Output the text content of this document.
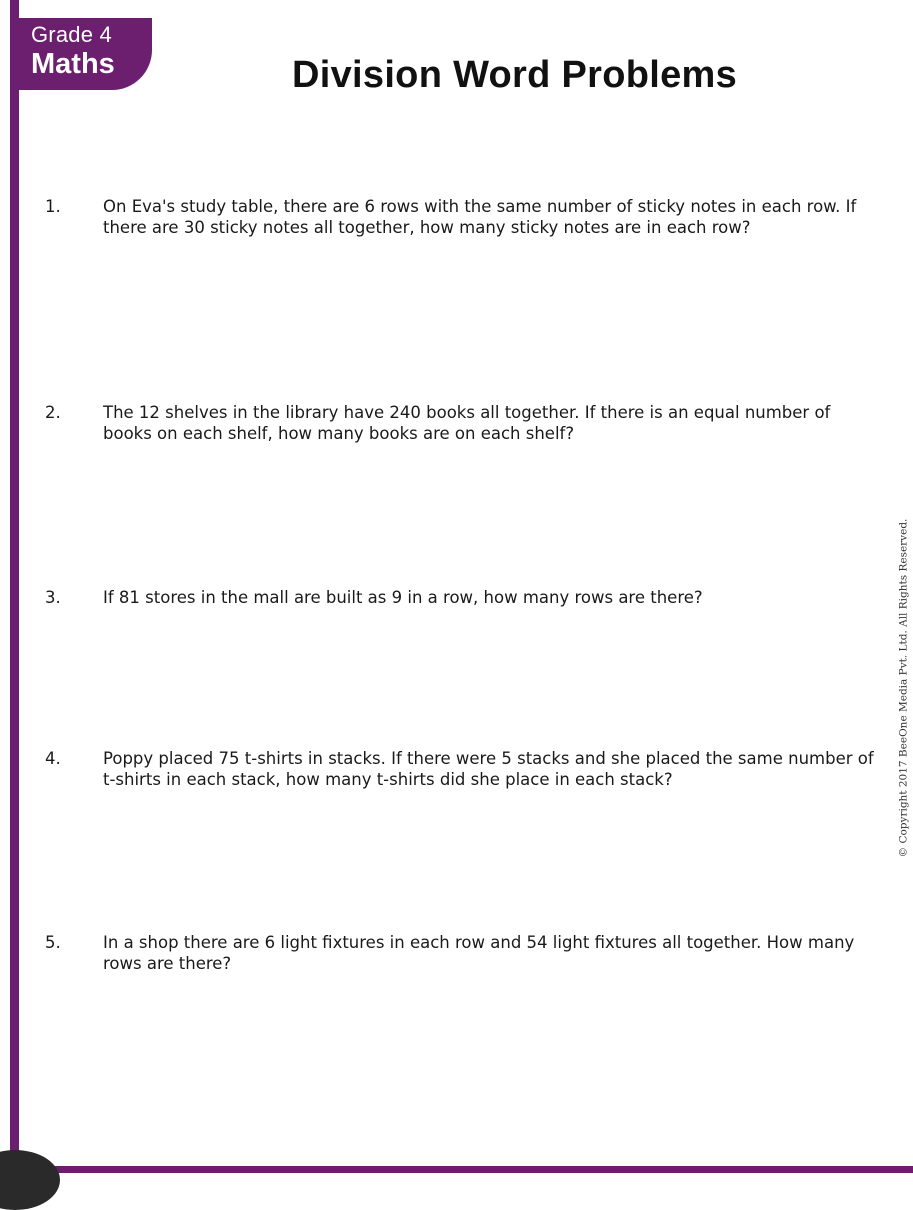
Grade 4
Maths	Division Word Problems
1.	On Eva's study table, there are 6 rows with the same number of sticky notes in each row. If there are 30 sticky notes all together, how many sticky notes are in each row?
2.	The 12 shelves in the library have 240 books all together. If there is an equal number of books on each shelf, how many books are on each shelf?
3.	If 81 stores in the mall are built as 9 in a row, how many rows are there?
4.	Poppy placed 75 t-shirts in stacks. If there were 5 stacks and she placed the same number of t-shirts in each stack, how many t-shirts did she place in each stack?
5.	In a shop there are 6 light fixtures in each row and 54 light fixtures all together. How many rows are there?
© Copyright 2017 BeeOne Media Pvt. Ltd. All Rights Reserved.
